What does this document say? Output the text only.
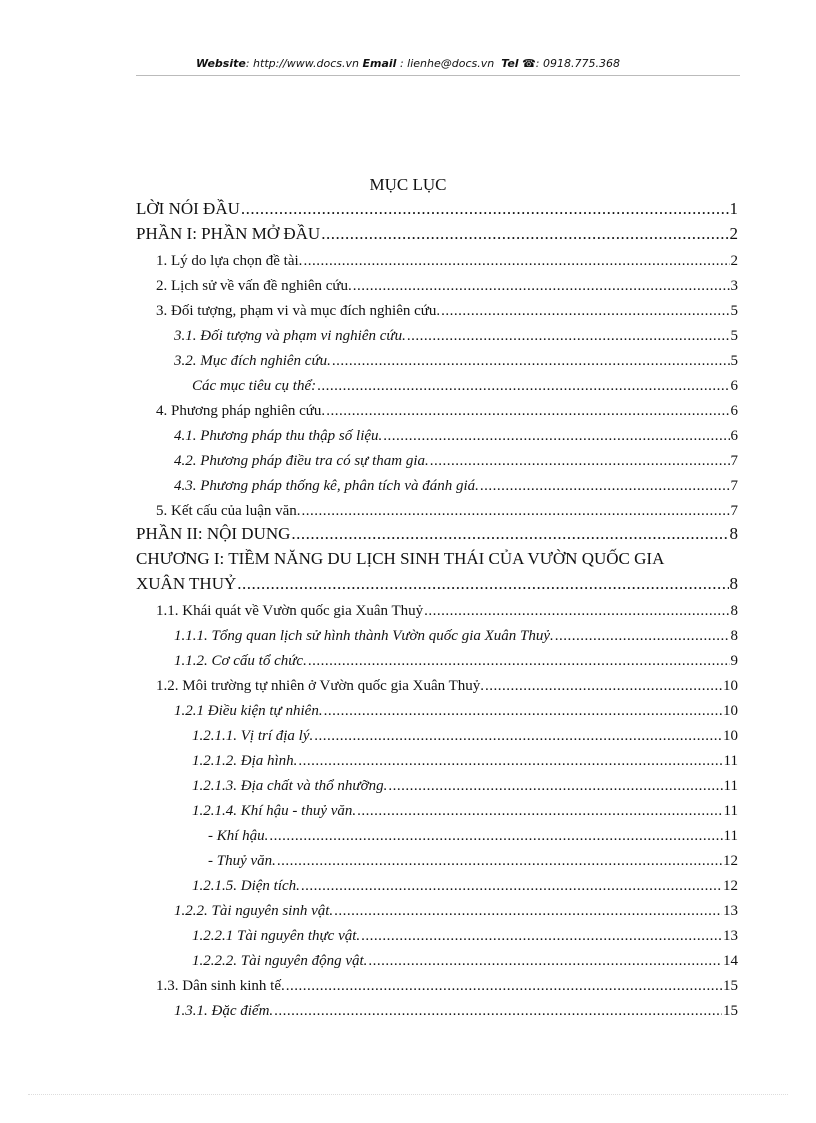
Website: http://www.docs.vn Email : lienhe@docs.vn Tel ☎: 0918.775.368
MỤC LỤC
LỜI NÓI ĐẦU .....	1
PHẦN I: PHẦN MỞ ĐẦU .....	2
1. Lý do lựa chọn đề tài. .....	2
2. Lịch sử về vấn đề nghiên cứu. .....	3
3. Đối tượng, phạm vi và mục đích nghiên cứu. .....	5
3.1. Đối tượng và phạm vi nghiên cứu. .....	5
3.2. Mục đích nghiên cứu. .....	5
Các mục tiêu cụ thể: .....	6
4. Phương pháp nghiên cứu. .....	6
4.1. Phương pháp thu thập số liệu. .....	6
4.2. Phương pháp điều tra có sự tham gia. .....	7
4.3. Phương pháp thống kê, phân tích và đánh giá. .....	7
5. Kết cấu của luận văn. .....	7
PHẦN II: NỘI DUNG .....	8
CHƯƠNG I: TIỀM NĂNG DU LỊCH SINH THÁI CỦA VƯỜN QUỐC GIA
XUÂN THUỶ .....	8
1.1. Khái quát về Vườn quốc gia Xuân Thuỷ .....	8
1.1.1. Tổng quan lịch sử hình thành Vườn quốc gia Xuân Thuỷ. .....	8
1.1.2. Cơ cấu tổ chức. .....	9
1.2. Môi trường tự nhiên ở Vườn quốc gia Xuân Thuỷ. .....	10
1.2.1 Điều kiện tự nhiên. .....	10
1.2.1.1. Vị trí địa lý. .....	10
1.2.1.2. Địa hình. .....	11
1.2.1.3. Địa chất và thổ nhưỡng. .....	11
1.2.1.4. Khí hậu - thuỷ văn. .....	11
- Khí hậu. .....	11
- Thuỷ văn. .....	12
1.2.1.5. Diện tích. .....	12
1.2.2. Tài nguyên sinh vật. .....	13
1.2.2.1 Tài nguyên thực vật. .....	13
1.2.2.2. Tài nguyên động vật. .....	14
1.3. Dân sinh kinh tế. .....	15
1.3.1. Đặc điểm. .....	15
